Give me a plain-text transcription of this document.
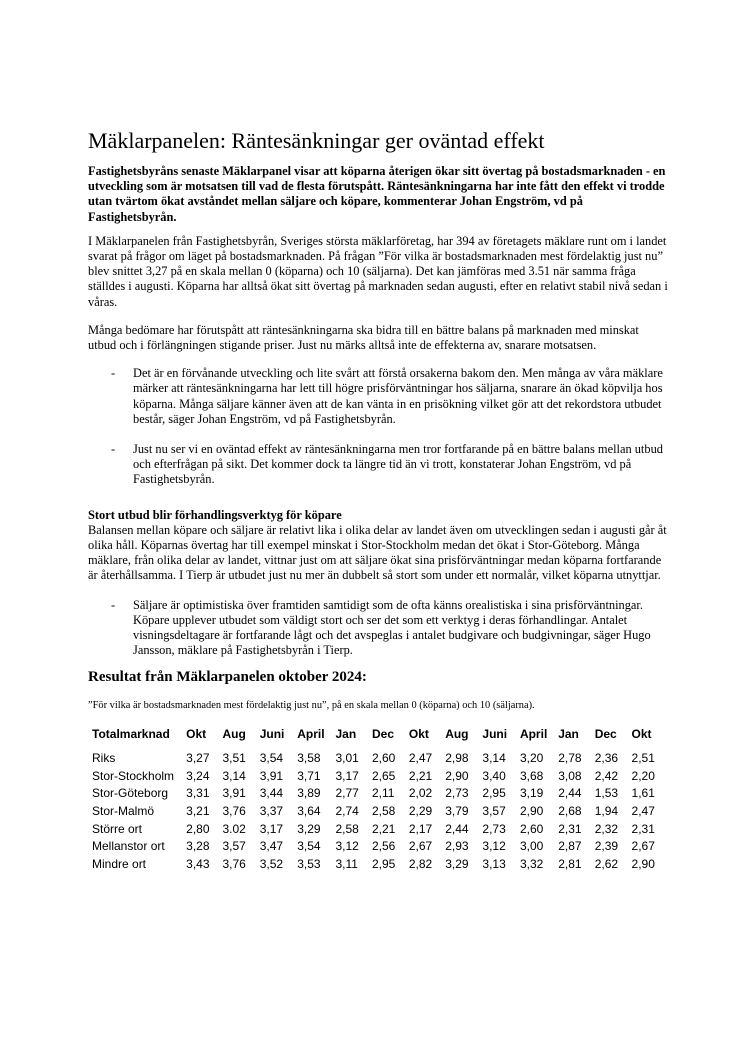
Mäklarpanelen: Räntesänkningar ger oväntad effekt

Fastighetsbyråns senaste Mäklarpanel visar att köparna återigen ökar sitt övertag på bostadsmarknaden - en utveckling som är motsatsen till vad de flesta förutspått. Räntesänkningarna har inte fått den effekt vi trodde utan tvärtom ökat avståndet mellan säljare och köpare, kommenterar Johan Engström, vd på Fastighetsbyrån.

I Mäklarpanelen från Fastighetsbyrån, Sveriges största mäklarföretag, har 394 av företagets mäklare runt om i landet svarat på frågor om läget på bostadsmarknaden. På frågan ”För vilka är bostadsmarknaden mest fördelaktig just nu” blev snittet 3,27 på en skala mellan 0 (köparna) och 10 (säljarna). Det kan jämföras med 3.51 när samma fråga ställdes i augusti. Köparna har alltså ökat sitt övertag på marknaden sedan augusti, efter en relativt stabil nivå sedan i våras.

Många bedömare har förutspått att räntesänkningarna ska bidra till en bättre balans på marknaden med minskat utbud och i förlängningen stigande priser. Just nu märks alltså inte de effekterna av, snarare motsatsen.

- Det är en förvånande utveckling och lite svårt att förstå orsakerna bakom den. Men många av våra mäklare märker att räntesänkningarna har lett till högre prisförväntningar hos säljarna, snarare än ökad köpvilja hos köparna. Många säljare känner även att de kan vänta in en prisökning vilket gör att det rekordstora utbudet består, säger Johan Engström, vd på Fastighetsbyrån.
- Just nu ser vi en oväntad effekt av räntesänkningarna men tror fortfarande på en bättre balans mellan utbud och efterfrågan på sikt. Det kommer dock ta längre tid än vi trott, konstaterar Johan Engström, vd på Fastighetsbyrån.
Stort utbud blir förhandlingsverktyg för köpare

Balansen mellan köpare och säljare är relativt lika i olika delar av landet även om utvecklingen sedan i augusti går åt olika håll. Köparnas övertag har till exempel minskat i Stor-Stockholm medan det ökat i Stor-Göteborg. Många mäklare, från olika delar av landet, vittnar just om att säljare ökat sina prisförväntningar medan köparna fortfarande är återhållsamma. I Tierp är utbudet just nu mer än dubbelt så stort som under ett normalår, vilket köparna utnyttjar.

- Säljare är optimistiska över framtiden samtidigt som de ofta känns orealistiska i sina prisförväntningar. Köpare upplever utbudet som väldigt stort och ser det som ett verktyg i deras förhandlingar. Antalet visningsdeltagare är fortfarande lågt och det avspeglas i antalet budgivare och budgivningar, säger Hugo Jansson, mäklare på Fastighetsbyrån i Tierp.
Resultat från Mäklarpanelen oktober 2024:

”För vilka är bostadsmarknaden mest fördelaktig just nu”, på en skala mellan 0 (köparna) och 10 (säljarna).

Totalmarknad	Okt	Aug	Juni	April	Jan	Dec	Okt	Aug	Juni	April	Jan	Dec	Okt
Riks	3,27	3,51	3,54	3,58	3,01	2,60	2,47	2,98	3,14	3,20	2,78	2,36	2,51
Stor-Stockholm	3,24	3,14	3,91	3,71	3,17	2,65	2,21	2,90	3,40	3,68	3,08	2,42	2,20
Stor-Göteborg	3,31	3,91	3,44	3,89	2,77	2,11	2,02	2,73	2,95	3,19	2,44	1,53	1,61
Stor-Malmö	3,21	3,76	3,37	3,64	2,74	2,58	2,29	3,79	3,57	2,90	2,68	1,94	2,47
Större ort	2,80	3.02	3,17	3,29	2,58	2,21	2,17	2,44	2,73	2,60	2,31	2,32	2,31
Mellanstor ort	3,28	3,57	3,47	3,54	3,12	2,56	2,67	2,93	3,12	3,00	2,87	2,39	2,67
Mindre ort	3,43	3,76	3,52	3,53	3,11	2,95	2,82	3,29	3,13	3,32	2,81	2,62	2,90
